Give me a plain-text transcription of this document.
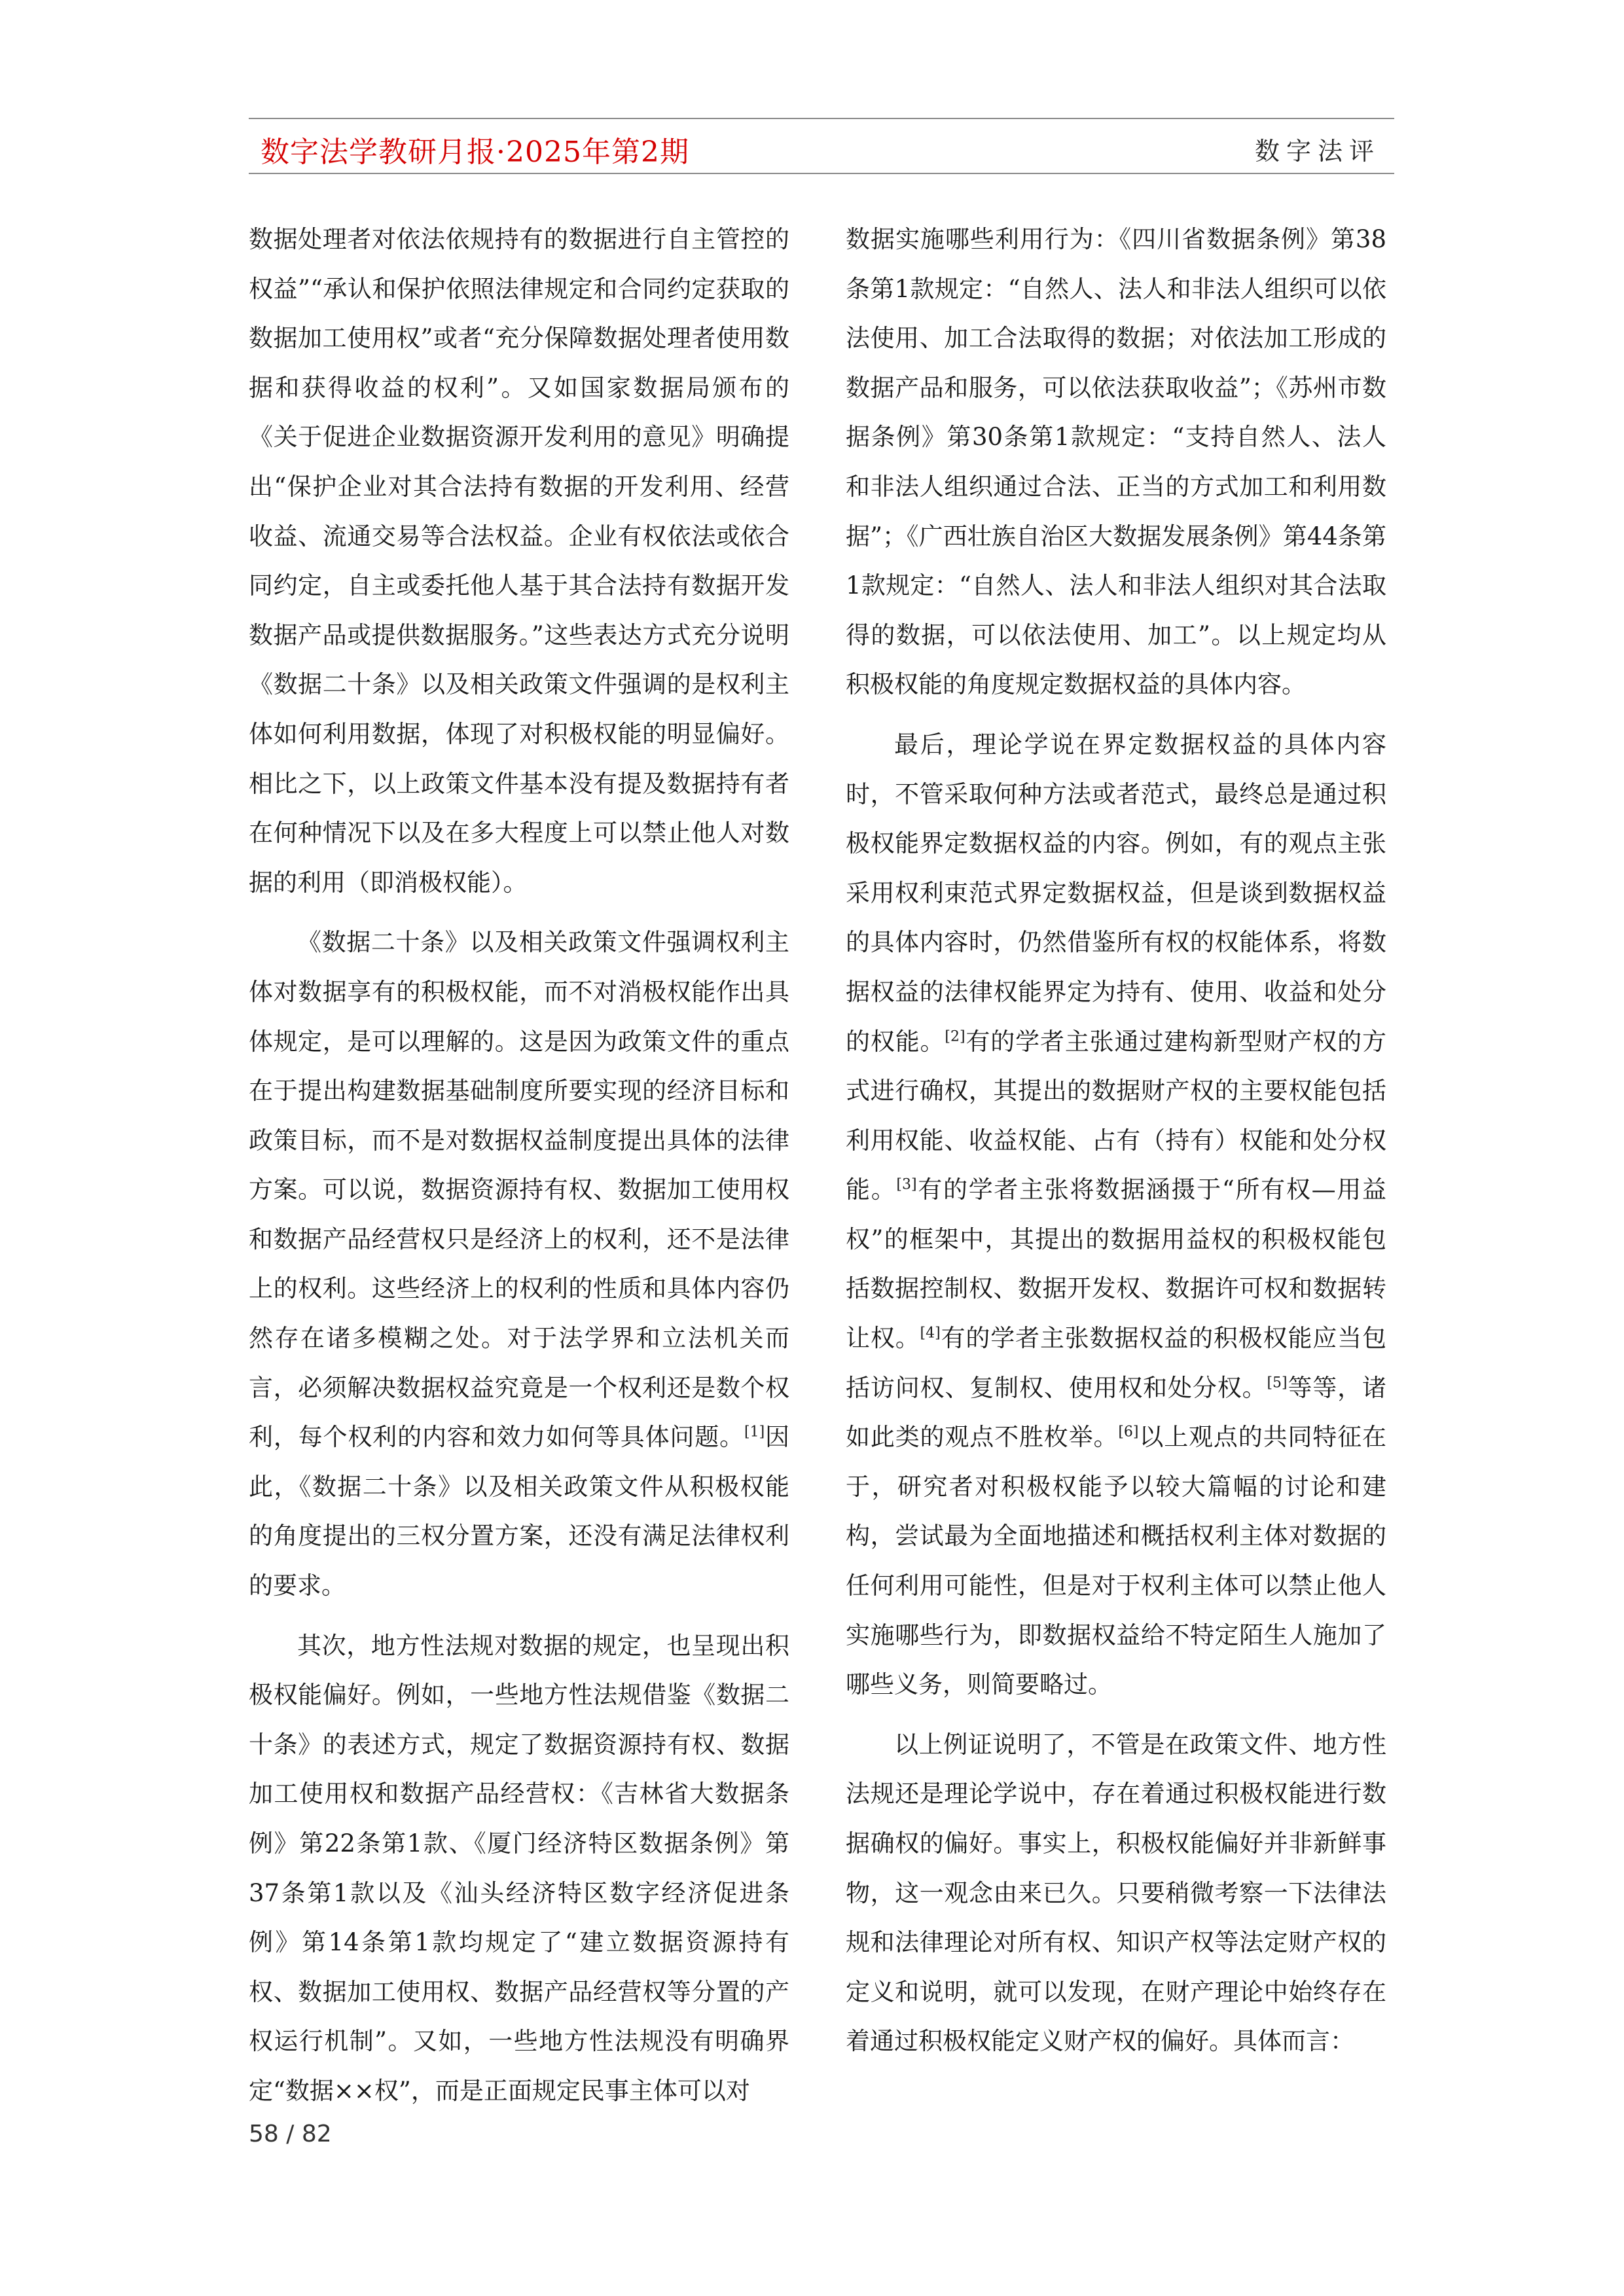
数字法学教研月报·2025年第2期	数字法评

数据处理者对依法依规持有的数据进行自主管控的权益”“承认和保护依照法律规定和合同约定获取的数据加工使用权”或者“充分保障数据处理者使用数据和获得收益的权利”。又如国家数据局颁布的《关于促进企业数据资源开发利用的意见》明确提出“保护企业对其合法持有数据的开发利用、经营收益、流通交易等合法权益。企业有权依法或依合同约定，自主或委托他人基于其合法持有数据开发数据产品或提供数据服务。”这些表达方式充分说明《数据二十条》以及相关政策文件强调的是权利主体如何利用数据，体现了对积极权能的明显偏好。相比之下，以上政策文件基本没有提及数据持有者在何种情况下以及在多大程度上可以禁止他人对数据的利用（即消极权能）。

《数据二十条》以及相关政策文件强调权利主体对数据享有的积极权能，而不对消极权能作出具体规定，是可以理解的。这是因为政策文件的重点在于提出构建数据基础制度所要实现的经济目标和政策目标，而不是对数据权益制度提出具体的法律方案。可以说，数据资源持有权、数据加工使用权和数据产品经营权只是经济上的权利，还不是法律上的权利。这些经济上的权利的性质和具体内容仍然存在诸多模糊之处。对于法学界和立法机关而言，必须解决数据权益究竟是一个权利还是数个权利，每个权利的内容和效力如何等具体问题。[1]因此，《数据二十条》以及相关政策文件从积极权能的角度提出的三权分置方案，还没有满足法律权利的要求。

其次，地方性法规对数据的规定，也呈现出积极权能偏好。例如，一些地方性法规借鉴《数据二十条》的表述方式，规定了数据资源持有权、数据加工使用权和数据产品经营权：《吉林省大数据条例》第22条第1款、《厦门经济特区数据条例》第37条第1款以及《汕头经济特区数字经济促进条例》第14条第1款均规定了“建立数据资源持有权、数据加工使用权、数据产品经营权等分置的产权运行机制”。又如，一些地方性法规没有明确界定“数据××权”，而是正面规定民事主体可以对

数据实施哪些利用行为：《四川省数据条例》第38条第1款规定：“自然人、法人和非法人组织可以依法使用、加工合法取得的数据；对依法加工形成的数据产品和服务，可以依法获取收益”；《苏州市数据条例》第30条第1款规定：“支持自然人、法人和非法人组织通过合法、正当的方式加工和利用数据”；《广西壮族自治区大数据发展条例》第44条第1款规定：“自然人、法人和非法人组织对其合法取得的数据，可以依法使用、加工”。以上规定均从积极权能的角度规定数据权益的具体内容。

最后，理论学说在界定数据权益的具体内容时，不管采取何种方法或者范式，最终总是通过积极权能界定数据权益的内容。例如，有的观点主张采用权利束范式界定数据权益，但是谈到数据权益的具体内容时，仍然借鉴所有权的权能体系，将数据权益的法律权能界定为持有、使用、收益和处分的权能。[2]有的学者主张通过建构新型财产权的方式进行确权，其提出的数据财产权的主要权能包括利用权能、收益权能、占有（持有）权能和处分权能。[3]有的学者主张将数据涵摄于“所有权—用益权”的框架中，其提出的数据用益权的积极权能包括数据控制权、数据开发权、数据许可权和数据转让权。[4]有的学者主张数据权益的积极权能应当包括访问权、复制权、使用权和处分权。[5]等等，诸如此类的观点不胜枚举。[6]以上观点的共同特征在于，研究者对积极权能予以较大篇幅的讨论和建构，尝试最为全面地描述和概括权利主体对数据的任何利用可能性，但是对于权利主体可以禁止他人实施哪些行为，即数据权益给不特定陌生人施加了哪些义务，则简要略过。

以上例证说明了，不管是在政策文件、地方性法规还是理论学说中，存在着通过积极权能进行数据确权的偏好。事实上，积极权能偏好并非新鲜事物，这一观念由来已久。只要稍微考察一下法律法规和法律理论对所有权、知识产权等法定财产权的定义和说明，就可以发现，在财产理论中始终存在着通过积极权能定义财产权的偏好。具体而言：

58 / 82
